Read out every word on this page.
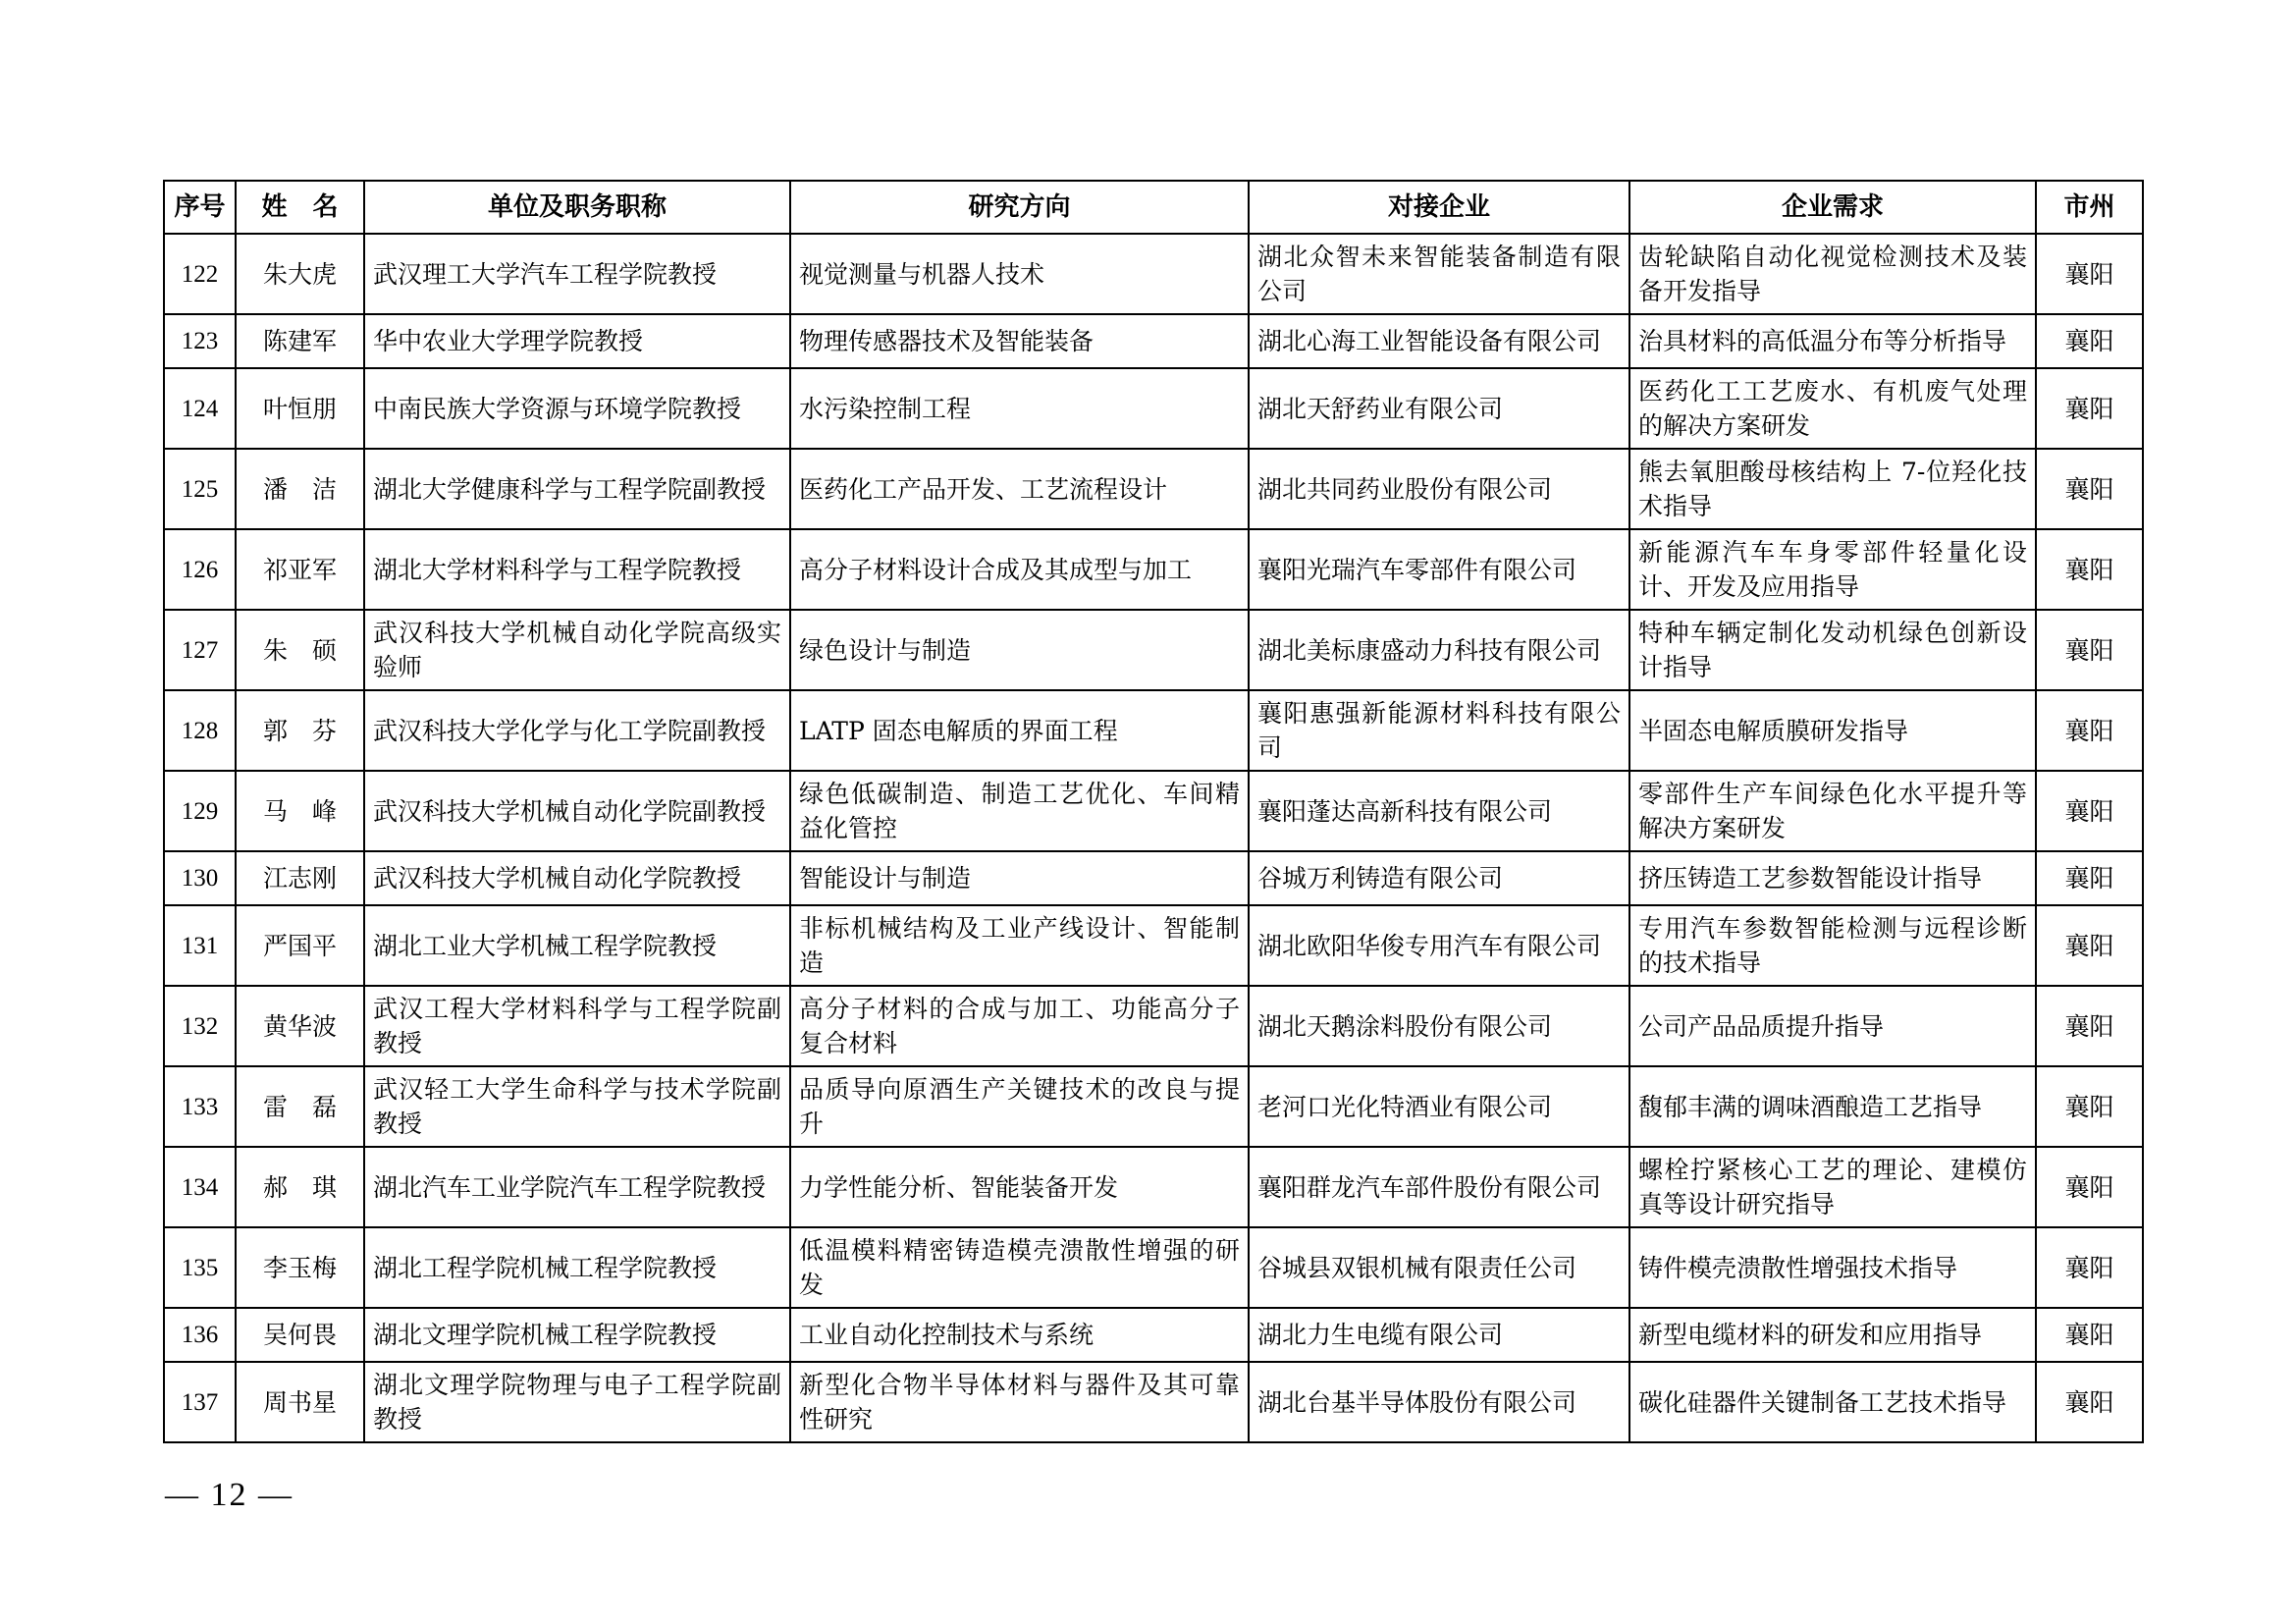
序号	姓　名	单位及职务职称	研究方向	对接企业	企业需求	市州
122	朱大虎	武汉理工大学汽车工程学院教授	视觉测量与机器人技术	湖北众智未来智能装备制造有限公司	齿轮缺陷自动化视觉检测技术及装备开发指导	襄阳
123	陈建军	华中农业大学理学院教授	物理传感器技术及智能装备	湖北心海工业智能设备有限公司	治具材料的高低温分布等分析指导	襄阳
124	叶恒朋	中南民族大学资源与环境学院教授	水污染控制工程	湖北天舒药业有限公司	医药化工工艺废水、有机废气处理的解决方案研发	襄阳
125	潘　洁	湖北大学健康科学与工程学院副教授	医药化工产品开发、工艺流程设计	湖北共同药业股份有限公司	熊去氧胆酸母核结构上 7-位羟化技术指导	襄阳
126	祁亚军	湖北大学材料科学与工程学院教授	高分子材料设计合成及其成型与加工	襄阳光瑞汽车零部件有限公司	新能源汽车车身零部件轻量化设计、开发及应用指导	襄阳
127	朱　硕	武汉科技大学机械自动化学院高级实验师	绿色设计与制造	湖北美标康盛动力科技有限公司	特种车辆定制化发动机绿色创新设计指导	襄阳
128	郭　芬	武汉科技大学化学与化工学院副教授	LATP 固态电解质的界面工程	襄阳惠强新能源材料科技有限公司	半固态电解质膜研发指导	襄阳
129	马　峰	武汉科技大学机械自动化学院副教授	绿色低碳制造、制造工艺优化、车间精益化管控	襄阳蓬达高新科技有限公司	零部件生产车间绿色化水平提升等解决方案研发	襄阳
130	江志刚	武汉科技大学机械自动化学院教授	智能设计与制造	谷城万利铸造有限公司	挤压铸造工艺参数智能设计指导	襄阳
131	严国平	湖北工业大学机械工程学院教授	非标机械结构及工业产线设计、智能制造	湖北欧阳华俊专用汽车有限公司	专用汽车参数智能检测与远程诊断的技术指导	襄阳
132	黄华波	武汉工程大学材料科学与工程学院副教授	高分子材料的合成与加工、功能高分子复合材料	湖北天鹅涂料股份有限公司	公司产品品质提升指导	襄阳
133	雷　磊	武汉轻工大学生命科学与技术学院副教授	品质导向原酒生产关键技术的改良与提升	老河口光化特酒业有限公司	馥郁丰满的调味酒酿造工艺指导	襄阳
134	郝　琪	湖北汽车工业学院汽车工程学院教授	力学性能分析、智能装备开发	襄阳群龙汽车部件股份有限公司	螺栓拧紧核心工艺的理论、建模仿真等设计研究指导	襄阳
135	李玉梅	湖北工程学院机械工程学院教授	低温模料精密铸造模壳溃散性增强的研发	谷城县双银机械有限责任公司	铸件模壳溃散性增强技术指导	襄阳
136	吴何畏	湖北文理学院机械工程学院教授	工业自动化控制技术与系统	湖北力生电缆有限公司	新型电缆材料的研发和应用指导	襄阳
137	周书星	湖北文理学院物理与电子工程学院副教授	新型化合物半导体材料与器件及其可靠性研究	湖北台基半导体股份有限公司	碳化硅器件关键制备工艺技术指导	襄阳
— 12 —
